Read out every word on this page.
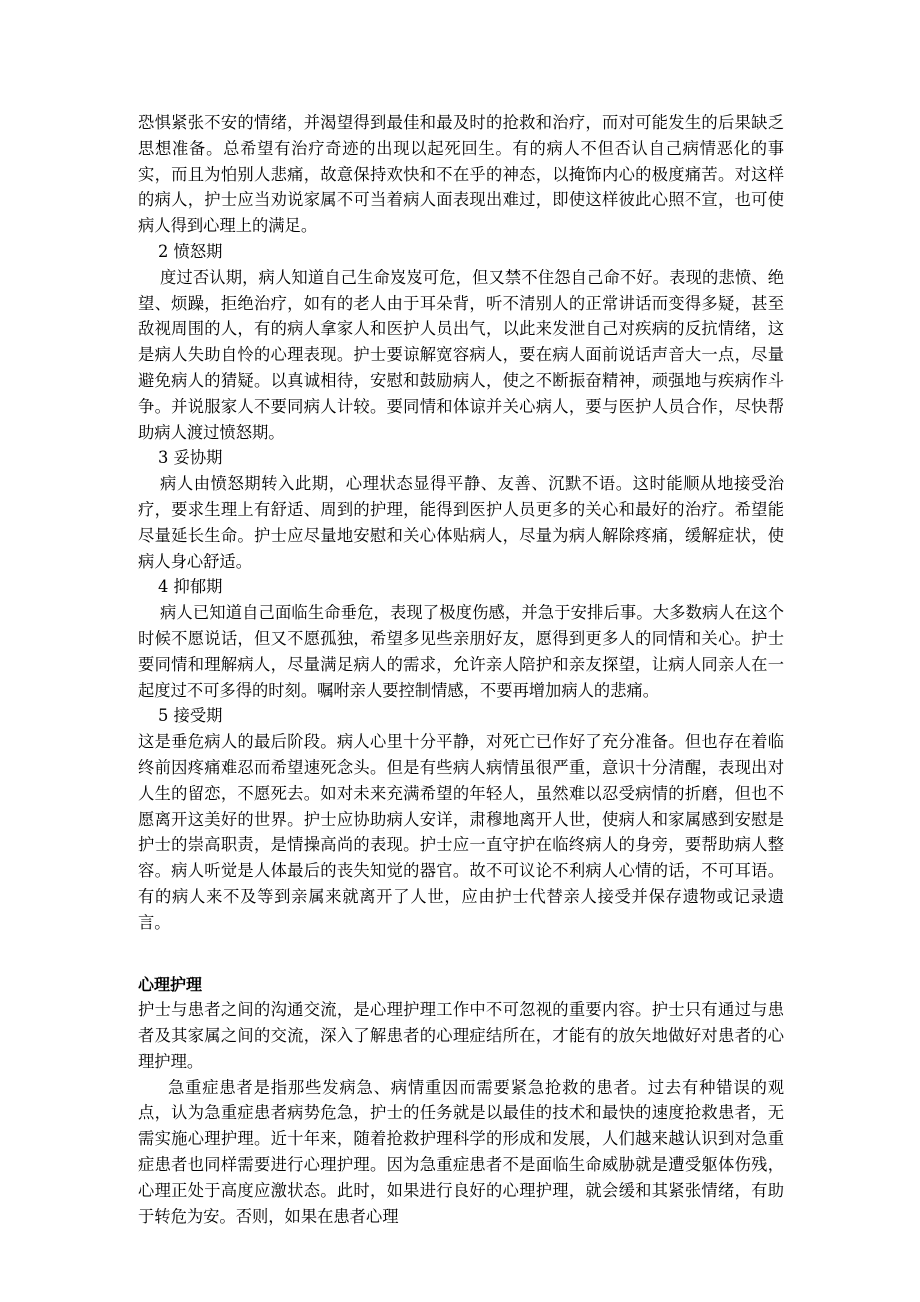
恐惧紧张不安的情绪，并渴望得到最佳和最及时的抢救和治疗，而对可能发生的后果缺乏思想准备。总希望有治疗奇迹的出现以起死回生。有的病人不但否认自己病情恶化的事实，而且为怕别人悲痛，故意保持欢快和不在乎的神态，以掩饰内心的极度痛苦。对这样的病人，护士应当劝说家属不可当着病人面表现出难过，即使这样彼此心照不宣，也可使病人得到心理上的满足。

2 愤怒期

度过否认期，病人知道自己生命岌岌可危，但又禁不住怨自己命不好。表现的悲愤、绝望、烦躁，拒绝治疗，如有的老人由于耳朵背，听不清别人的正常讲话而变得多疑，甚至敌视周围的人，有的病人拿家人和医护人员出气，以此来发泄自己对疾病的反抗情绪，这是病人失助自怜的心理表现。护士要谅解宽容病人，要在病人面前说话声音大一点，尽量避免病人的猜疑。以真诚相待，安慰和鼓励病人，使之不断振奋精神，顽强地与疾病作斗争。并说服家人不要同病人计较。要同情和体谅并关心病人，要与医护人员合作，尽快帮助病人渡过愤怒期。

3 妥协期

病人由愤怒期转入此期，心理状态显得平静、友善、沉默不语。这时能顺从地接受治疗，要求生理上有舒适、周到的护理，能得到医护人员更多的关心和最好的治疗。希望能尽量延长生命。护士应尽量地安慰和关心体贴病人，尽量为病人解除疼痛，缓解症状，使病人身心舒适。

4 抑郁期

病人已知道自己面临生命垂危，表现了极度伤感，并急于安排后事。大多数病人在这个时候不愿说话，但又不愿孤独，希望多见些亲朋好友，愿得到更多人的同情和关心。护士要同情和理解病人，尽量满足病人的需求，允许亲人陪护和亲友探望，让病人同亲人在一起度过不可多得的时刻。嘱咐亲人要控制情感，不要再增加病人的悲痛。

5 接受期

这是垂危病人的最后阶段。病人心里十分平静，对死亡已作好了充分准备。但也存在着临终前因疼痛难忍而希望速死念头。但是有些病人病情虽很严重，意识十分清醒，表现出对人生的留恋，不愿死去。如对未来充满希望的年轻人，虽然难以忍受病情的折磨，但也不愿离开这美好的世界。护士应协助病人安详，肃穆地离开人世，使病人和家属感到安慰是护士的崇高职责，是情操高尚的表现。护士应一直守护在临终病人的身旁，要帮助病人整容。病人听觉是人体最后的丧失知觉的器官。故不可议论不利病人心情的话，不可耳语。有的病人来不及等到亲属来就离开了人世，应由护士代替亲人接受并保存遗物或记录遗言。

心理护理

护士与患者之间的沟通交流，是心理护理工作中不可忽视的重要内容。护士只有通过与患者及其家属之间的交流，深入了解患者的心理症结所在，才能有的放矢地做好对患者的心理护理。

急重症患者是指那些发病急、病情重因而需要紧急抢救的患者。过去有种错误的观点，认为急重症患者病势危急，护士的任务就是以最佳的技术和最快的速度抢救患者，无需实施心理护理。近十年来，随着抢救护理科学的形成和发展，人们越来越认识到对急重症患者也同样需要进行心理护理。因为急重症患者不是面临生命威胁就是遭受躯体伤残，心理正处于高度应激状态。此时，如果进行良好的心理护理，就会缓和其紧张情绪，有助于转危为安。否则，如果在患者心理
